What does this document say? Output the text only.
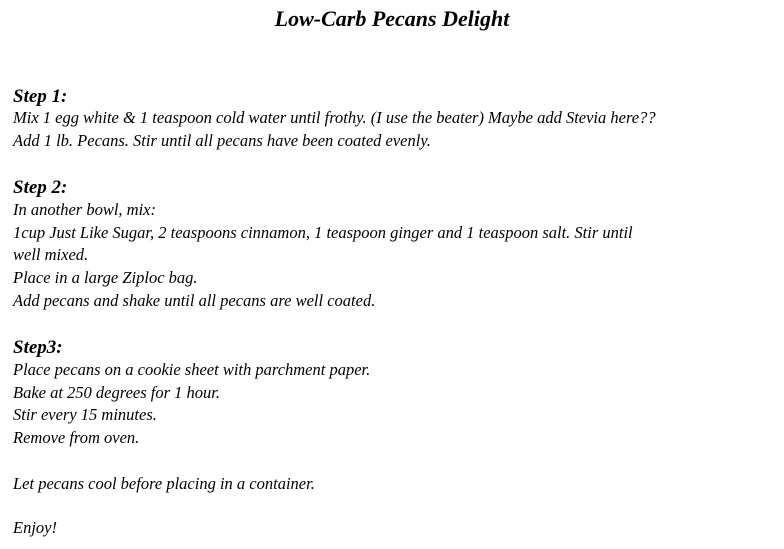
Low-Carb Pecans Delight
Step 1:
Mix 1 egg white & 1 teaspoon cold water until frothy. (I use the beater) Maybe add Stevia here??
Add 1 lb. Pecans. Stir until all pecans have been coated evenly.
Step 2:
In another bowl, mix:
1cup Just Like Sugar, 2 teaspoons cinnamon, 1 teaspoon ginger and 1 teaspoon salt. Stir until
well mixed.
Place in a large Ziploc bag.
Add pecans and shake until all pecans are well coated.
Step3:
Place pecans on a cookie sheet with parchment paper.
Bake at 250 degrees for 1 hour.
Stir every 15 minutes.
Remove from oven.
Let pecans cool before placing in a container.
Enjoy!
